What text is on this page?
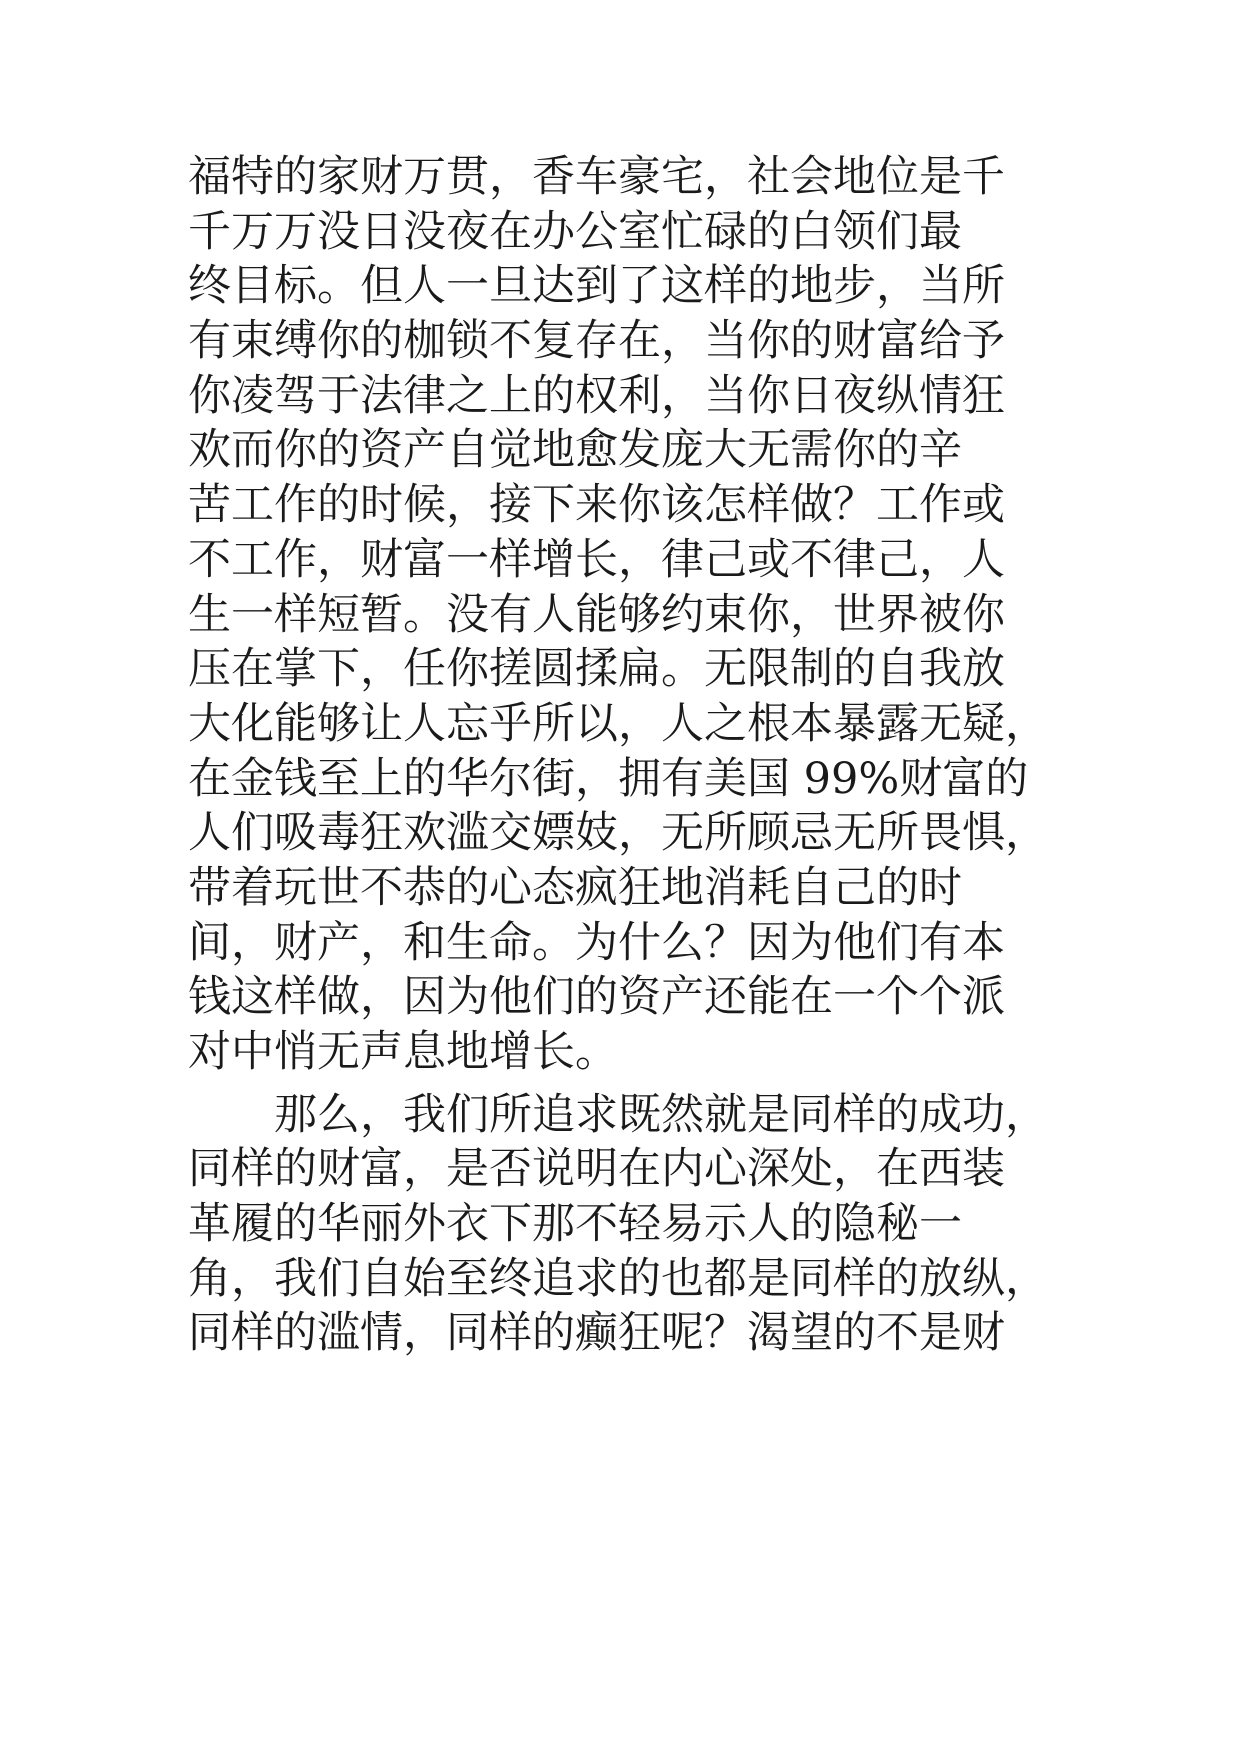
福特的家财万贯，香车豪宅，社会地位是千
千万万没日没夜在办公室忙碌的白领们最
终目标。但人一旦达到了这样的地步，当所
有束缚你的枷锁不复存在，当你的财富给予
你凌驾于法律之上的权利，当你日夜纵情狂
欢而你的资产自觉地愈发庞大无需你的辛
苦工作的时候，接下来你该怎样做？工作或
不工作，财富一样增长，律己或不律己，人
生一样短暂。没有人能够约束你，世界被你
压在掌下，任你搓圆揉扁。无限制的自我放
大化能够让人忘乎所以，人之根本暴露无疑，
在金钱至上的华尔街，拥有美国 99%财富的
人们吸毒狂欢滥交嫖妓，无所顾忌无所畏惧，
带着玩世不恭的心态疯狂地消耗自己的时
间，财产，和生命。为什么？因为他们有本
钱这样做，因为他们的资产还能在一个个派
对中悄无声息地增长。
那么，我们所追求既然就是同样的成功，
同样的财富，是否说明在内心深处，在西装
革履的华丽外衣下那不轻易示人的隐秘一
角，我们自始至终追求的也都是同样的放纵，
同样的滥情，同样的癫狂呢？渴望的不是财
